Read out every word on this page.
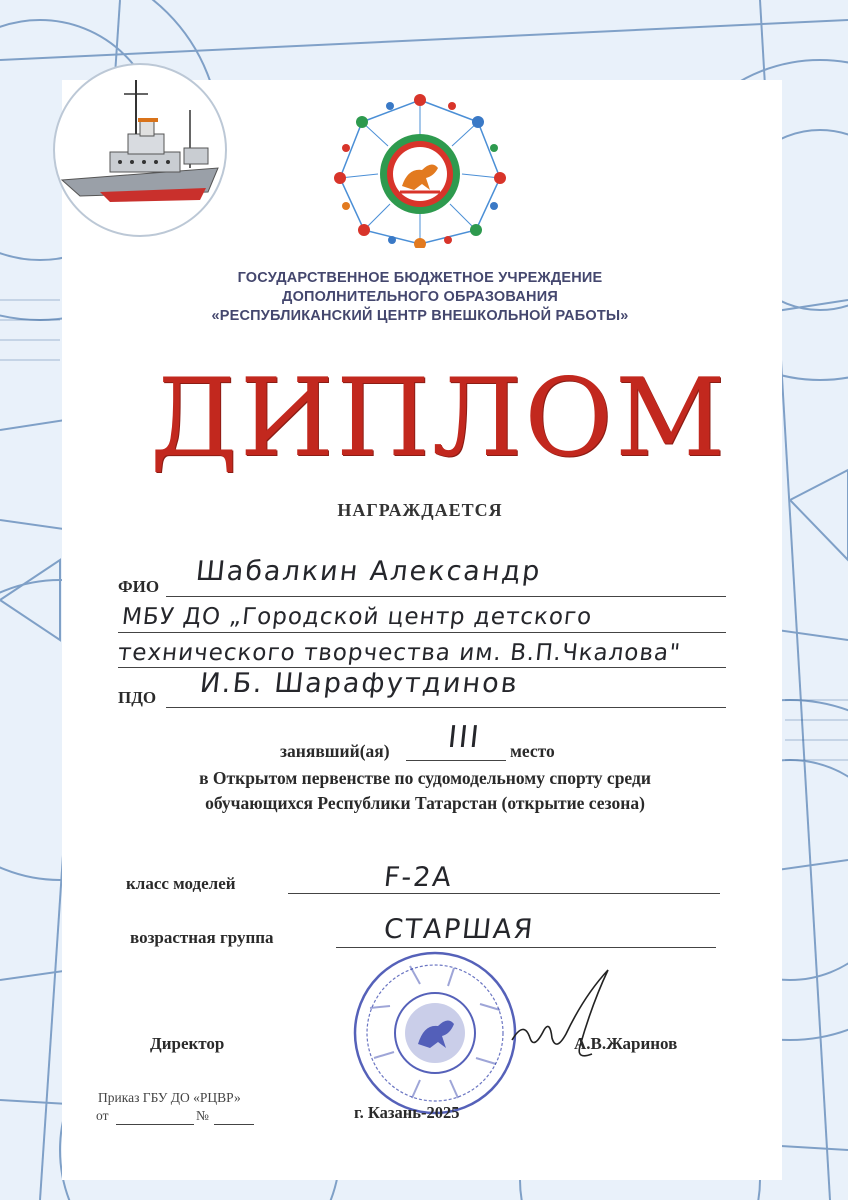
ГОСУДАРСТВЕННОЕ БЮДЖЕТНОЕ УЧРЕЖДЕНИЕ
ДОПОЛНИТЕЛЬНОГО ОБРАЗОВАНИЯ
«РЕСПУБЛИКАНСКИЙ ЦЕНТР ВНЕШКОЛЬНОЙ РАБОТЫ»
ДИПЛОМ
НАГРАЖДАЕТСЯ
ФИО Шабалкин Александр
МБУ ДО „Городской центр детского
технического творчества им. В.П.Чкалова"
ПДО И.Б. Шарафутдинов
занявший(ая) III место
в Открытом первенстве по судомодельному спорту среди
обучающихся Республики Татарстан (открытие сезона)
класс моделей	F-2A
возрастная группа	СТАРШАЯ
Директор	А.В.Жаринов
Приказ ГБУ ДО «РЦВР»
от	№	г. Казань-2025
